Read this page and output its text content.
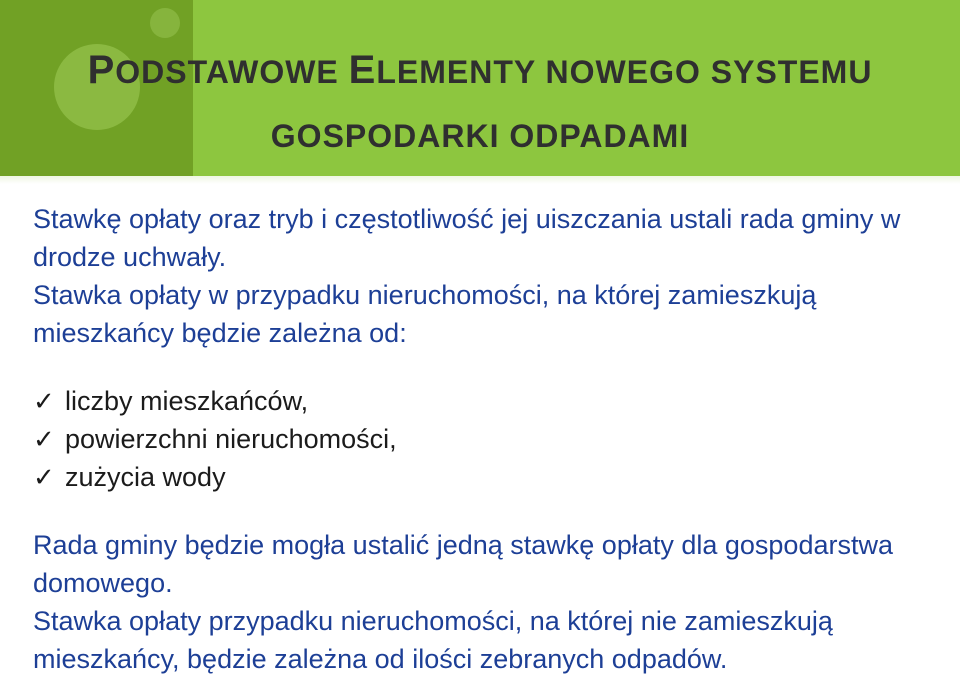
PODSTAWOWE ELEMENTY NOWEGO SYSTEMU
GOSPODARKI ODPADAMI

Stawkę opłaty oraz tryb i częstotliwość jej uiszczania ustali rada gminy w drodze uchwały.

Stawka opłaty w przypadku nieruchomości, na której zamieszkują mieszkańcy będzie zależna od:

✓ liczby mieszkańców,
✓ powierzchni nieruchomości,
✓ zużycia wody

Rada gminy będzie mogła ustalić jedną stawkę opłaty dla gospodarstwa domowego.

Stawka opłaty przypadku nieruchomości, na której nie zamieszkują mieszkańcy, będzie zależna od ilości zebranych odpadów.
